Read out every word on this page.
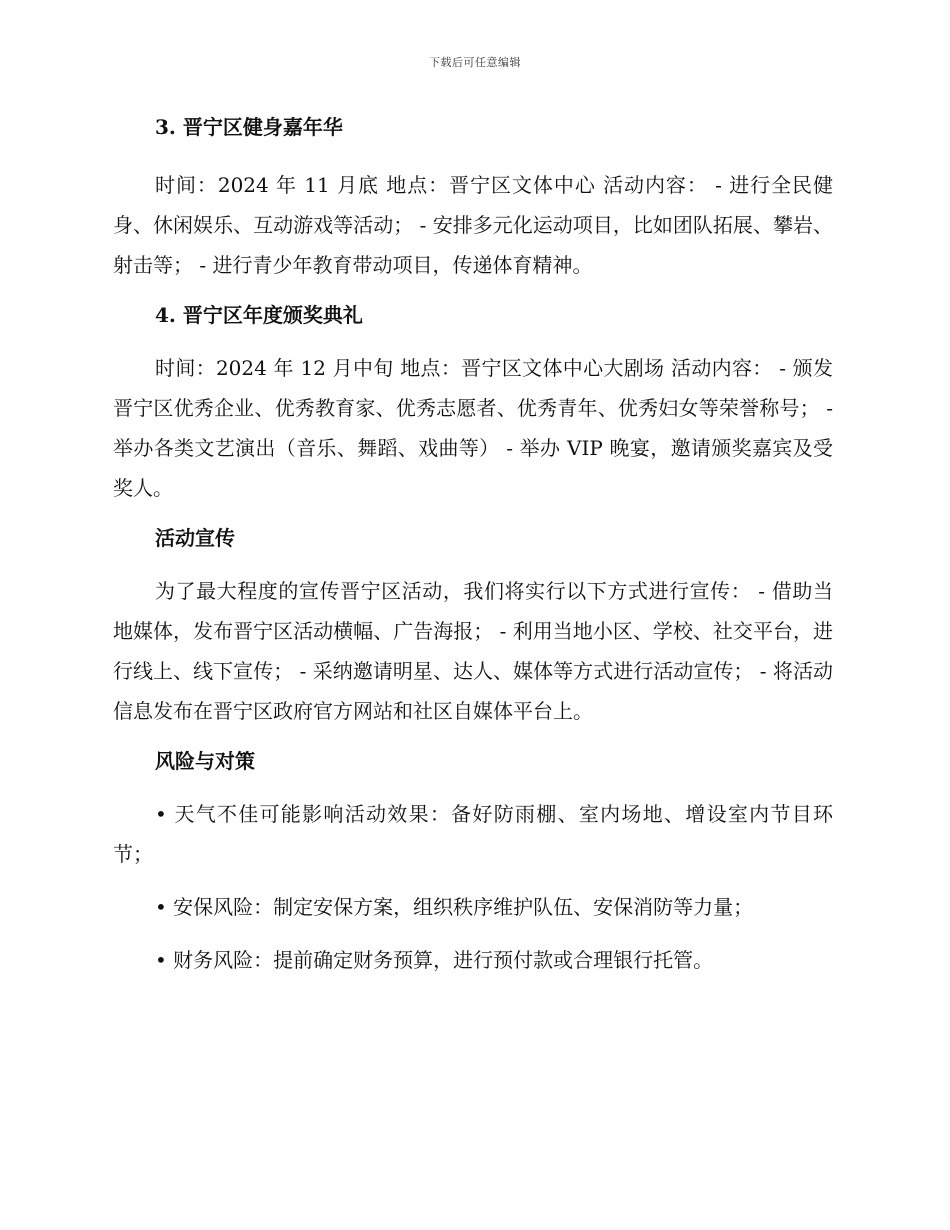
下载后可任意编辑

3. 晋宁区健身嘉年华

时间：2024 年 11 月底 地点：晋宁区文体中心 活动内容： - 进行全民健身、休闲娱乐、互动游戏等活动； - 安排多元化运动项目，比如团队拓展、攀岩、射击等； - 进行青少年教育带动项目，传递体育精神。

4. 晋宁区年度颁奖典礼

时间：2024 年 12 月中旬 地点：晋宁区文体中心大剧场 活动内容： - 颁发晋宁区优秀企业、优秀教育家、优秀志愿者、优秀青年、优秀妇女等荣誉称号； - 举办各类文艺演出（音乐、舞蹈、戏曲等） - 举办 VIP 晚宴，邀请颁奖嘉宾及受奖人。

活动宣传

为了最大程度的宣传晋宁区活动，我们将实行以下方式进行宣传： - 借助当地媒体，发布晋宁区活动横幅、广告海报； - 利用当地小区、学校、社交平台，进行线上、线下宣传； - 采纳邀请明星、达人、媒体等方式进行活动宣传； - 将活动信息发布在晋宁区政府官方网站和社区自媒体平台上。

风险与对策

• 天气不佳可能影响活动效果：备好防雨棚、室内场地、增设室内节目环节；

• 安保风险：制定安保方案，组织秩序维护队伍、安保消防等力量；

• 财务风险：提前确定财务预算，进行预付款或合理银行托管。
